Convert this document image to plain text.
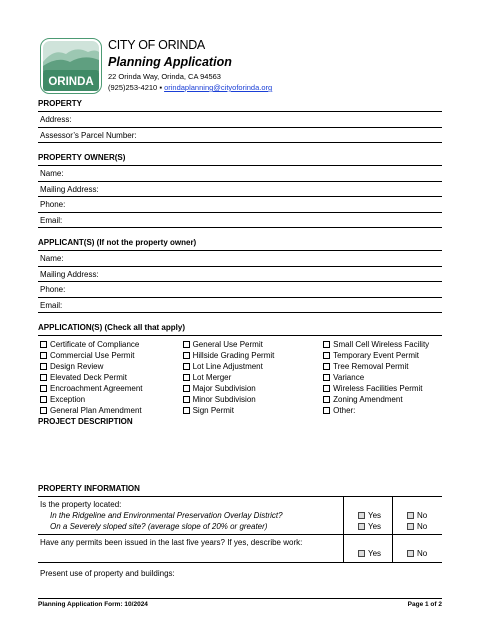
ORINDA
CITY OF ORINDA
Planning Application
22 Orinda Way, Orinda, CA 94563
(925)253-4210 ▪ orindaplanning@cityoforinda.org
PROPERTY
Address:
Assessor’s Parcel Number:
PROPERTY OWNER(S)
Name:
Mailing Address:
Phone:
Email:
APPLICANT(S) (If not the property owner)
Name:
Mailing Address:
Phone:
Email:
APPLICATION(S) (Check all that apply)
Certificate of Compliance
Commercial Use Permit
Design Review
Elevated Deck Permit
Encroachment Agreement
Exception
General Plan Amendment
General Use Permit
Hillside Grading Permit
Lot Line Adjustment
Lot Merger
Major Subdivision
Minor Subdivision
Sign Permit
Small Cell Wireless Facility
Temporary Event Permit
Tree Removal Permit
Variance
Wireless Facilities Permit
Zoning Amendment
Other:
PROJECT DESCRIPTION
PROPERTY INFORMATION
Is the property located:
In the Ridgeline and Environmental Preservation Overlay District?
On a Severely sloped site? (average slope of 20% or greater)

Yes
Yes

No
No
Have any permits been issued in the last five years? If yes, describe work:
Yes	No
Present use of property and buildings:
Planning Application Form: 10/2024	Page 1 of 2
